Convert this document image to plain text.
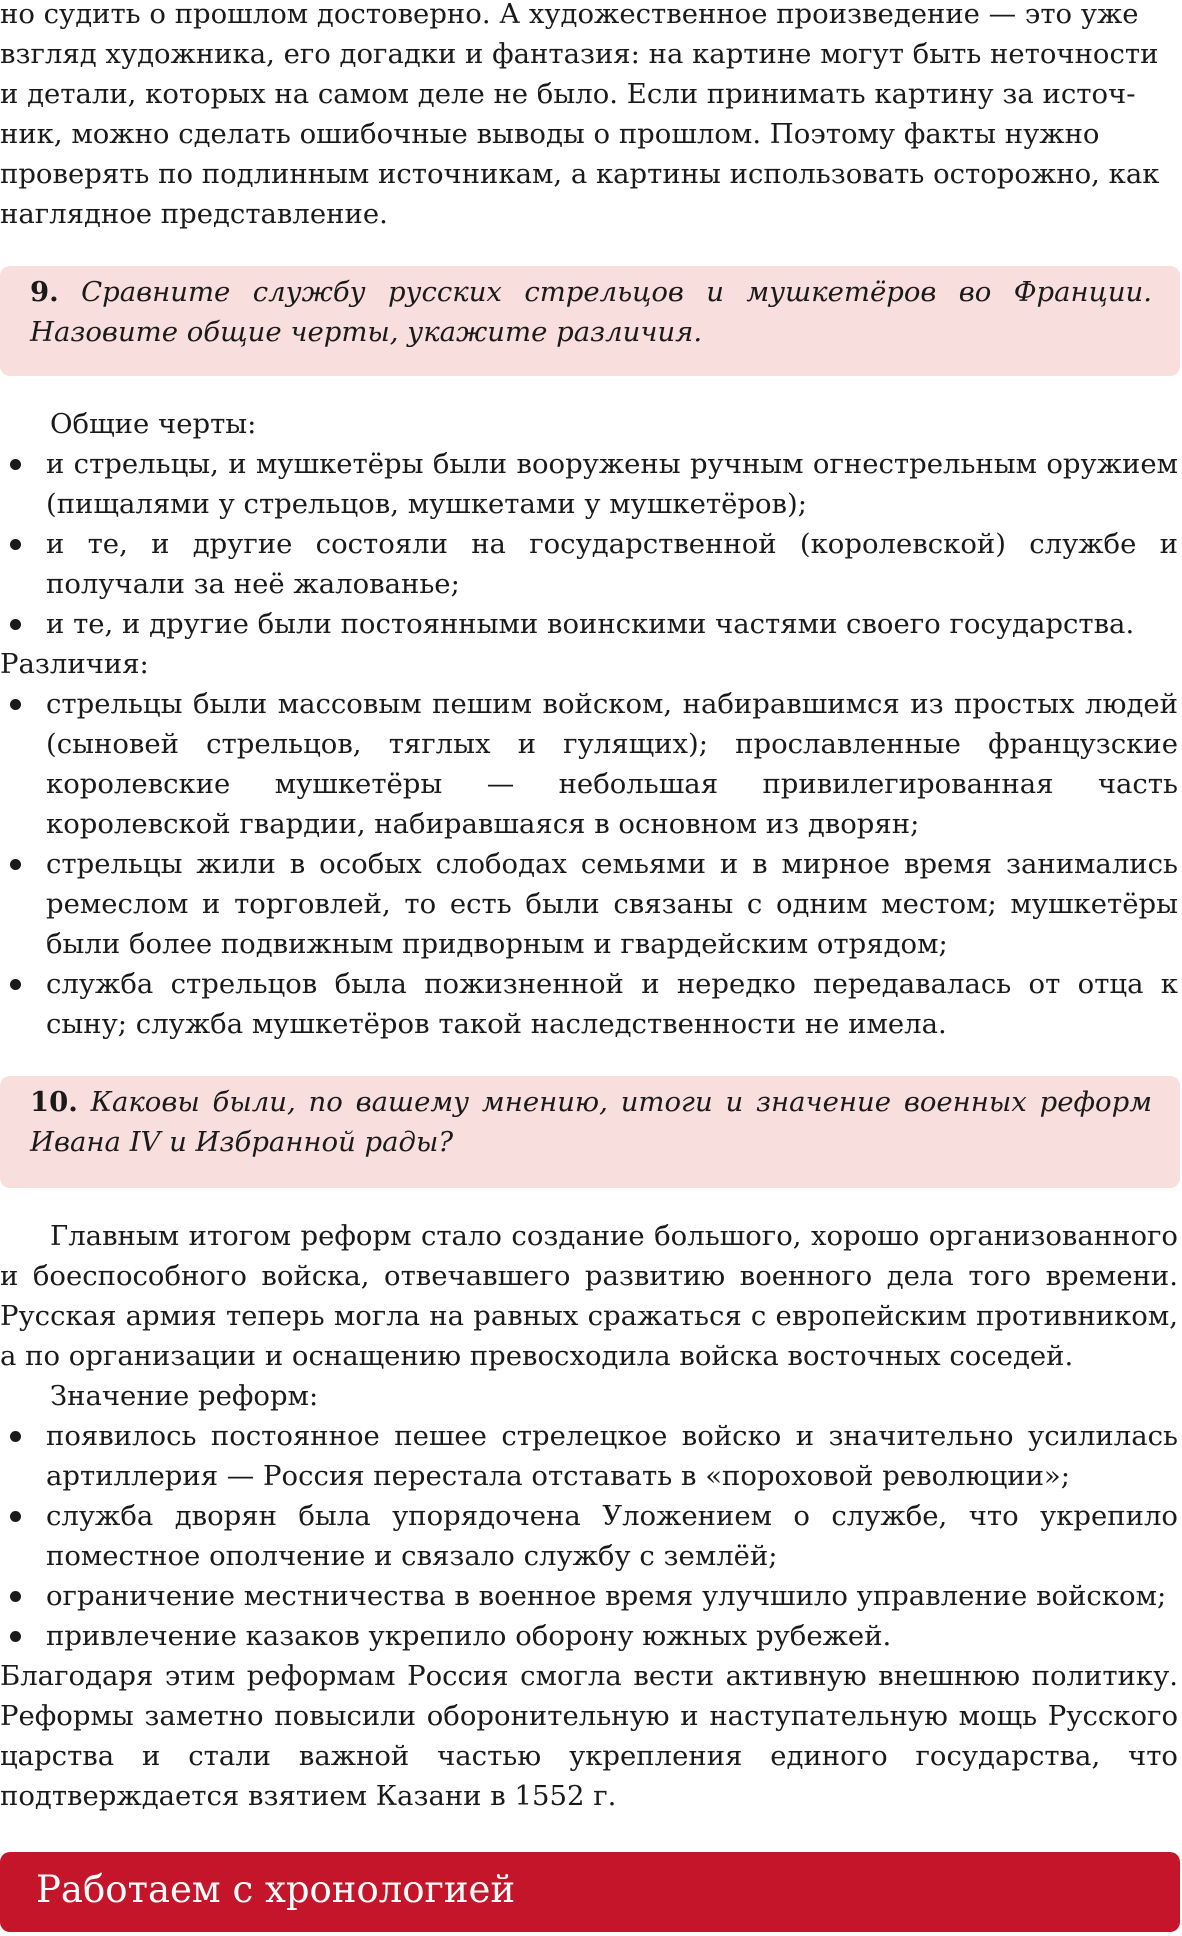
но судить о прошлом достоверно. А художественное произведение — это уже
взгляд художника, его догадки и фантазия: на картине могут быть неточности
и детали, которых на самом деле не было. Если принимать картину за источ-
ник, можно сделать ошибочные выводы о прошлом. Поэтому факты нужно
проверять по подлинным источникам, а картины использовать осторожно, как
наглядное представление.

9. Сравните службу русских стрельцов и мушкетёров во Франции. Назовите общие черты, укажите различия.

Общие черты:
и стрельцы, и мушкетёры были вооружены ручным огнестрельным оружием (пищалями у стрельцов, мушкетами у мушкетёров);
и те, и другие состояли на государственной (королевской) службе и получали за неё жалованье;
и те, и другие были постоянными воинскими частями своего государства.
Различия:
стрельцы были массовым пешим войском, набиравшимся из простых людей (сыновей стрельцов, тяглых и гулящих); прославленные французские королевские мушкетёры — небольшая привилегированная часть королевской гвардии, набиравшаяся в основном из дворян;
стрельцы жили в особых слободах семьями и в мирное время занимались ремеслом и торговлей, то есть были связаны с одним местом; мушкетёры были более подвижным придворным и гвардейским отрядом;
служба стрельцов была пожизненной и нередко передавалась от отца к сыну; служба мушкетёров такой наследственности не имела.

10. Каковы были, по вашему мнению, итоги и значение военных реформ Ивана IV и Избранной рады?

Главным итогом реформ стало создание большого, хорошо организованного и боеспособного войска, отвечавшего развитию военного дела того времени. Русская армия теперь могла на равных сражаться с европейским противником, а по организации и оснащению превосходила войска восточных соседей.
Значение реформ:
появилось постоянное пешее стрелецкое войско и значительно усилилась артиллерия — Россия перестала отставать в «пороховой революции»;
служба дворян была упорядочена Уложением о службе, что укрепило поместное ополчение и связало службу с землёй;
ограничение местничества в военное время улучшило управление войском;
привлечение казаков укрепило оборону южных рубежей.
Благодаря этим реформам Россия смогла вести активную внешнюю политику. Реформы заметно повысили оборонительную и наступательную мощь Русского царства и стали важной частью укрепления единого государства, что подтверждается взятием Казани в 1552 г.

Работаем с хронологией
